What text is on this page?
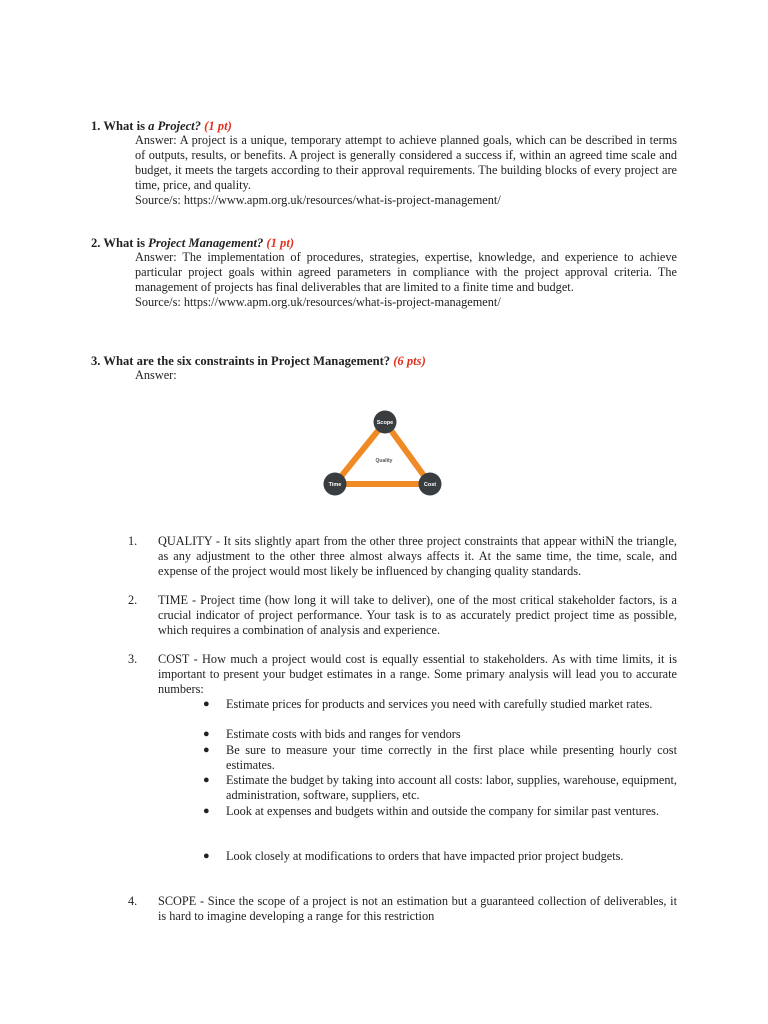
1. What is a Project? (1 pt)

Answer: A project is a unique, temporary attempt to achieve planned goals, which can be described in terms of outputs, results, or benefits. A project is generally considered a success if, within an agreed time scale and budget, it meets the targets according to their approval requirements. The building blocks of every project are time, price, and quality.

Source/s: https://www.apm.org.uk/resources/what-is-project-management/

2. What is Project Management? (1 pt)

Answer: The implementation of procedures, strategies, expertise, knowledge, and experience to achieve particular project goals within agreed parameters in compliance with the project approval criteria. The management of projects has final deliverables that are limited to a finite time and budget.

Source/s: https://www.apm.org.uk/resources/what-is-project-management/

3. What are the six constraints in Project Management? (6 pts)

Answer:

Scope
Time	Cost
Quality
1. QUALITY - It sits slightly apart from the other three project constraints that appear withiN the triangle, as any adjustment to the other three almost always affects it. At the same time, the time, scale, and expense of the project would most likely be influenced by changing quality standards.
2. TIME - Project time (how long it will take to deliver), one of the most critical stakeholder factors, is a crucial indicator of project performance. Your task is to as accurately predict project time as possible, which requires a combination of analysis and experience.
3. COST - How much a project would cost is equally essential to stakeholders. As with time limits, it is important to present your budget estimates in a range. Some primary analysis will lead you to accurate numbers:
● Estimate prices for products and services you need with carefully studied market rates.
● Estimate costs with bids and ranges for vendors
● Be sure to measure your time correctly in the first place while presenting hourly cost estimates.
● Estimate the budget by taking into account all costs: labor, supplies, warehouse, equipment, administration, software, suppliers, etc.
● Look at expenses and budgets within and outside the company for similar past ventures.
● Look closely at modifications to orders that have impacted prior project budgets.
4. SCOPE - Since the scope of a project is not an estimation but a guaranteed collection of deliverables, it is hard to imagine developing a range for this restriction
